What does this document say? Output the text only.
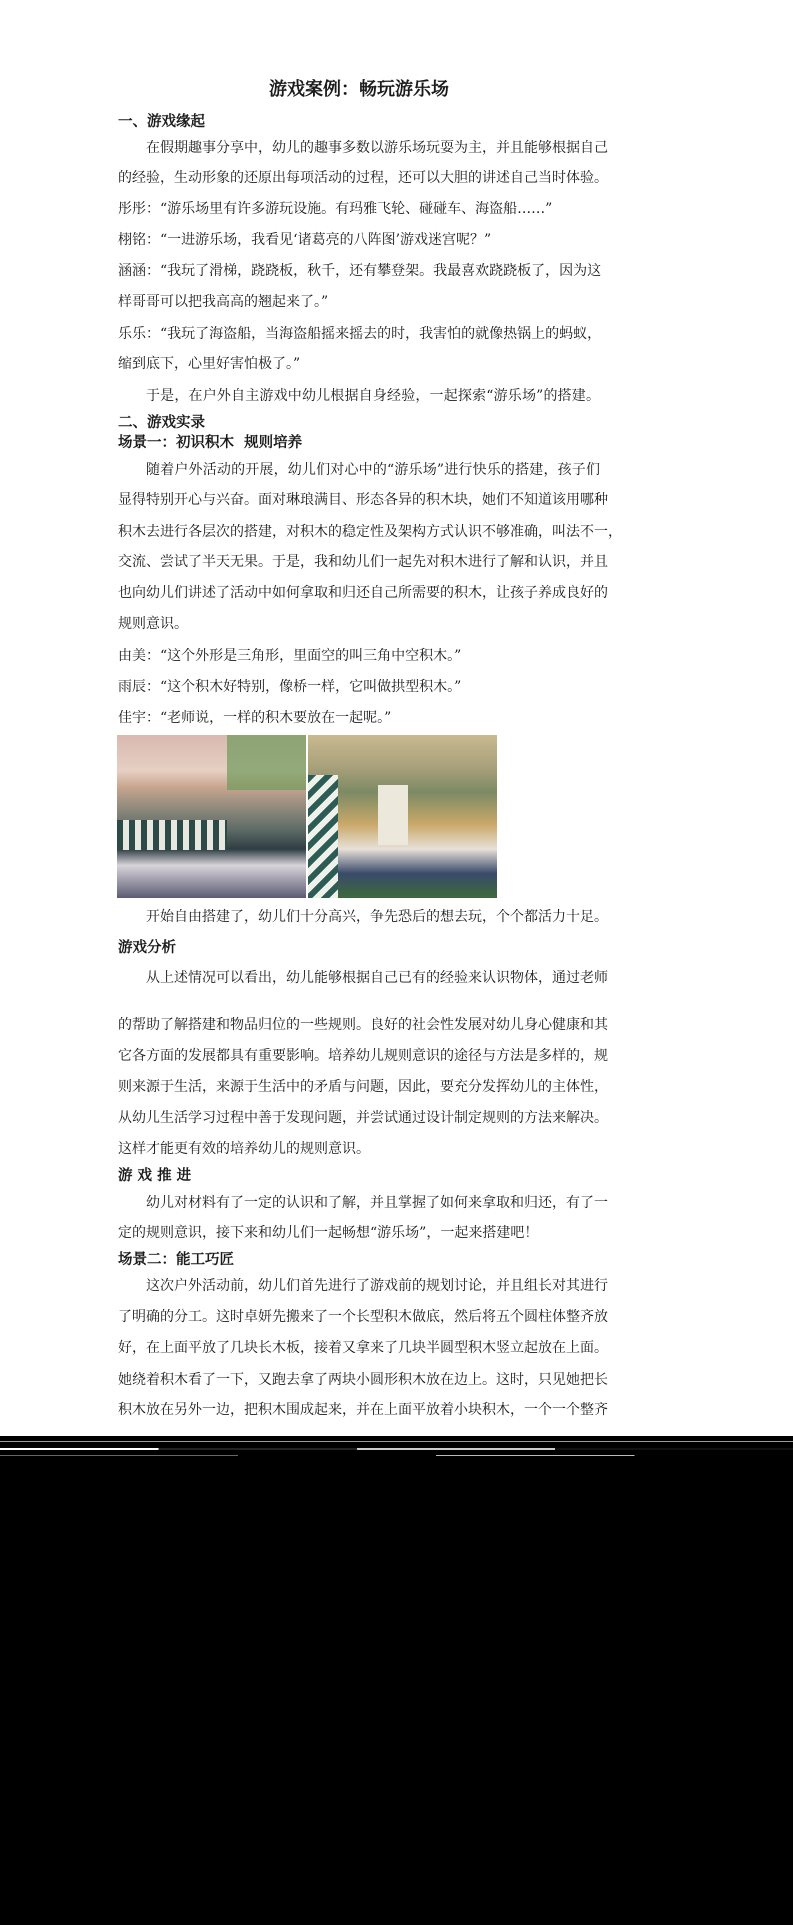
游戏案例：畅玩游乐场
一、游戏缘起
在假期趣事分享中，幼儿的趣事多数以游乐场玩耍为主，并且能够根据自己
的经验，生动形象的还原出每项活动的过程，还可以大胆的讲述自己当时体验。
彤彤：“游乐场里有许多游玩设施。有玛雅飞轮、碰碰车、海盗船……”
栩铭：“一进游乐场，我看见‘诸葛亮的八阵图’游戏迷宫呢？”
涵涵：“我玩了滑梯，跷跷板，秋千，还有攀登架。我最喜欢跷跷板了，因为这
样哥哥可以把我高高的翘起来了。”
乐乐：“我玩了海盗船，当海盗船摇来摇去的时，我害怕的就像热锅上的蚂蚁，
缩到底下，心里好害怕极了。”
于是，在户外自主游戏中幼儿根据自身经验，一起探索“游乐场”的搭建。
二、游戏实录
场景一：初识积木  规则培养
随着户外活动的开展，幼儿们对心中的“游乐场”进行快乐的搭建，孩子们
显得特别开心与兴奋。面对琳琅满目、形态各异的积木块，她们不知道该用哪种
积木去进行各层次的搭建，对积木的稳定性及架构方式认识不够准确，叫法不一，
交流、尝试了半天无果。于是，我和幼儿们一起先对积木进行了解和认识，并且
也向幼儿们讲述了活动中如何拿取和归还自己所需要的积木，让孩子养成良好的
规则意识。
由美：“这个外形是三角形，里面空的叫三角中空积木。”
雨辰：“这个积木好特别，像桥一样，它叫做拱型积木。”
佳宇：“老师说，一样的积木要放在一起呢。”
开始自由搭建了，幼儿们十分高兴，争先恐后的想去玩，个个都活力十足。
游戏分析
从上述情况可以看出，幼儿能够根据自己已有的经验来认识物体，通过老师
的帮助了解搭建和物品归位的一些规则。良好的社会性发展对幼儿身心健康和其
它各方面的发展都具有重要影响。培养幼儿规则意识的途径与方法是多样的，规
则来源于生活，来源于生活中的矛盾与问题，因此，要充分发挥幼儿的主体性，
从幼儿生活学习过程中善于发现问题，并尝试通过设计制定规则的方法来解决。
这样才能更有效的培养幼儿的规则意识。
游 戏 推 进
幼儿对材料有了一定的认识和了解，并且掌握了如何来拿取和归还，有了一
定的规则意识，接下来和幼儿们一起畅想“游乐场”，一起来搭建吧！
场景二：能工巧匠
这次户外活动前，幼儿们首先进行了游戏前的规划讨论，并且组长对其进行
了明确的分工。这时卓妍先搬来了一个长型积木做底，然后将五个圆柱体整齐放
好，在上面平放了几块长木板，接着又拿来了几块半圆型积木竖立起放在上面。
她绕着积木看了一下，又跑去拿了两块小圆形积木放在边上。这时，只见她把长
积木放在另外一边，把积木围成起来，并在上面平放着小块积木，一个一个整齐
